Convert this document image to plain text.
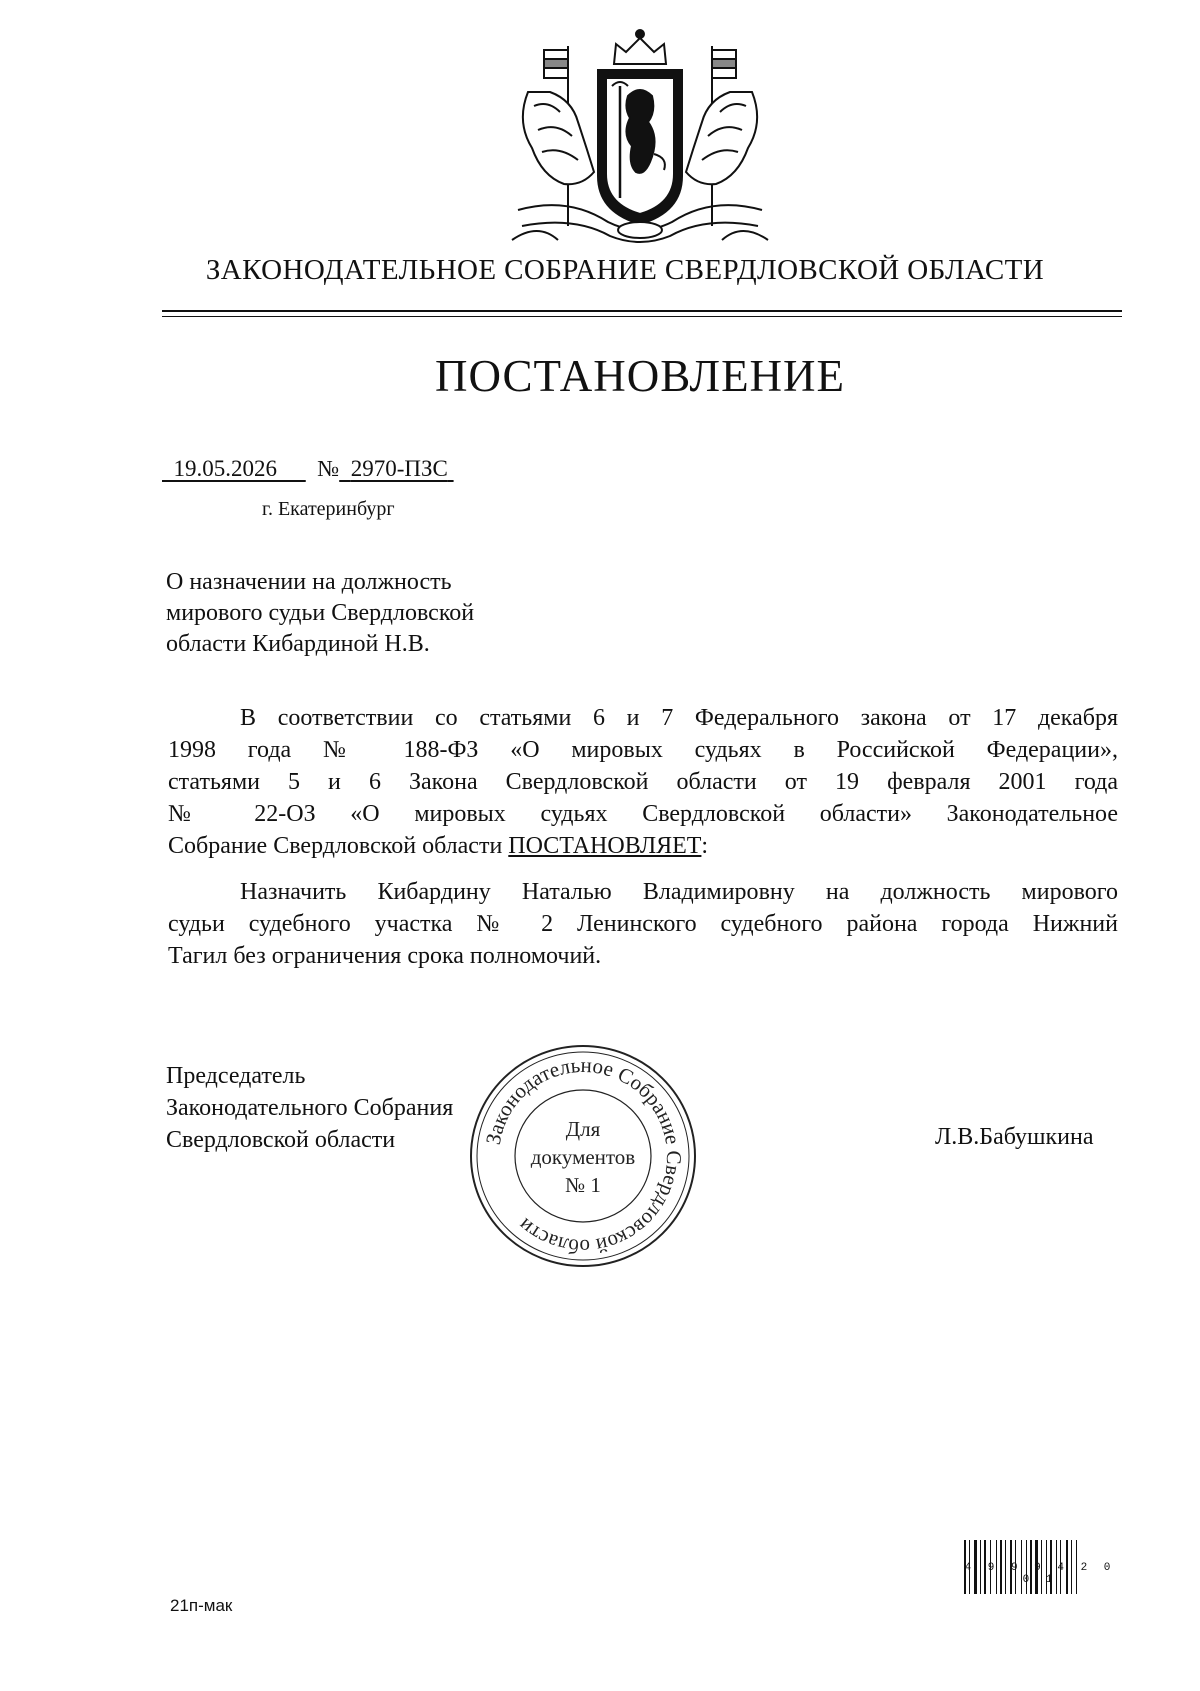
ЗАКОНОДАТЕЛЬНОЕ СОБРАНИЕ СВЕРДЛОВСКОЙ ОБЛАСТИ
ПОСТАНОВЛЕНИЕ
19.05.2026 № 2970-ПЗС
г. Екатеринбург
О назначении на должность
мирового судьи Свердловской
области Кибардиной Н.В.
В соответствии со статьями 6 и 7 Федерального закона от 17 декабря
1998 года № 188-ФЗ «О мировых судьях в Российской Федерации»,
статьями 5 и 6 Закона Свердловской области от 19 февраля 2001 года
№ 22-ОЗ «О мировых судьях Свердловской области» Законодательное
Собрание Свердловской области ПОСТАНОВЛЯЕТ:
Назначить Кибардину Наталью Владимировну на должность мирового
судьи судебного участка № 2 Ленинского судебного района города Нижний
Тагил без ограничения срока полномочий.
Председатель
Законодательного Собрания
Свердловской области	Л.В.Бабушкина
Законодательное Собрание Свердловской области
Для
документов
№ 1
4 9 9 9 4 2 0 0 1
21п-мак
